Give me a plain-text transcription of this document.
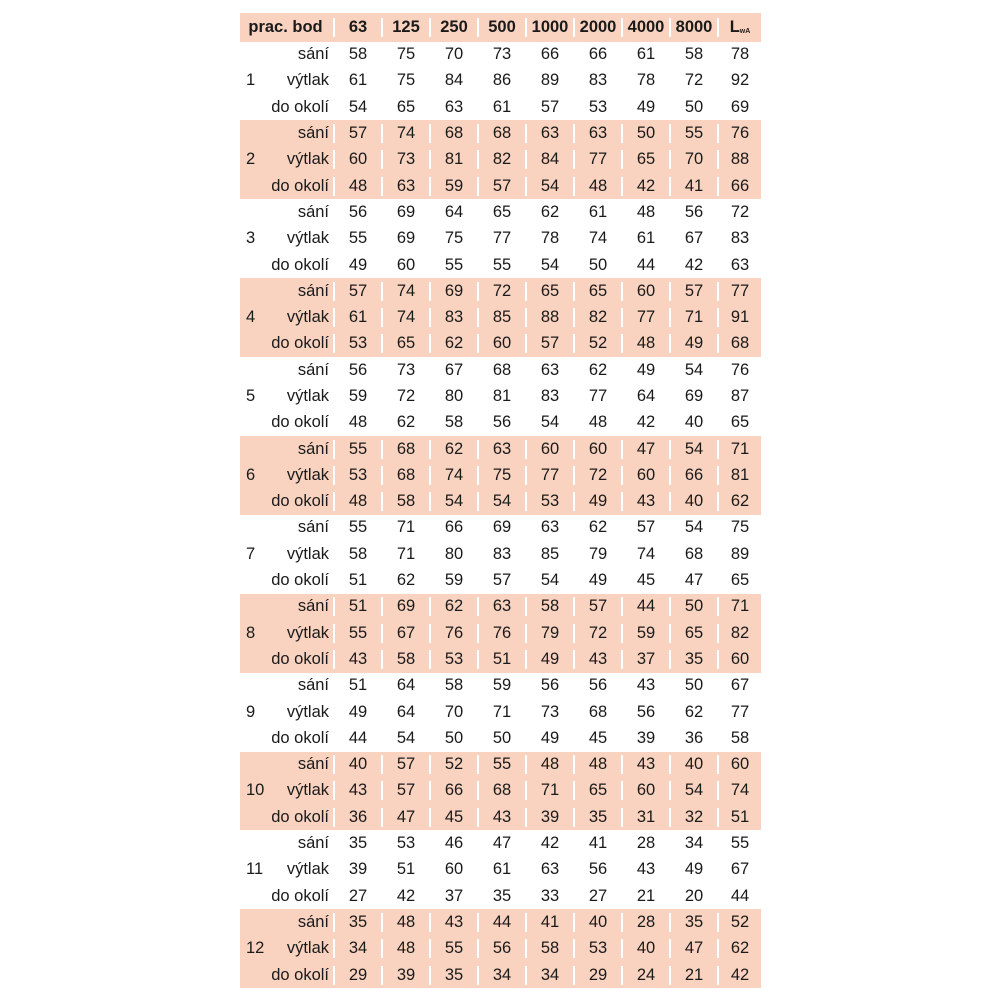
prac. bod	63	125	250	500 1000 2000 4000 8000	LwA
sání	58	75	70	73	66	66	61	58	78
1	výtlak	61	75	84	86	89	83	78	72	92
do okolí	54	65	63	61	57	53	49	50	69
sání	57	74	68	68	63	63	50	55	76
2	výtlak	60	73	81	82	84	77	65	70	88
do okolí	48	63	59	57	54	48	42	41	66
sání	56	69	64	65	62	61	48	56	72
3	výtlak	55	69	75	77	78	74	61	67	83
do okolí	49	60	55	55	54	50	44	42	63
sání	57	74	69	72	65	65	60	57	77
4	výtlak	61	74	83	85	88	82	77	71	91
do okolí	53	65	62	60	57	52	48	49	68
sání	56	73	67	68	63	62	49	54	76
5	výtlak	59	72	80	81	83	77	64	69	87
do okolí	48	62	58	56	54	48	42	40	65
sání	55	68	62	63	60	60	47	54	71
6	výtlak	53	68	74	75	77	72	60	66	81
do okolí	48	58	54	54	53	49	43	40	62
sání	55	71	66	69	63	62	57	54	75
7	výtlak	58	71	80	83	85	79	74	68	89
do okolí	51	62	59	57	54	49	45	47	65
sání	51	69	62	63	58	57	44	50	71
8	výtlak	55	67	76	76	79	72	59	65	82
do okolí	43	58	53	51	49	43	37	35	60
sání	51	64	58	59	56	56	43	50	67
9	výtlak	49	64	70	71	73	68	56	62	77
do okolí	44	54	50	50	49	45	39	36	58
sání	40	57	52	55	48	48	43	40	60
10	výtlak	43	57	66	68	71	65	60	54	74
do okolí	36	47	45	43	39	35	31	32	51
sání	35	53	46	47	42	41	28	34	55
11	výtlak	39	51	60	61	63	56	43	49	67
do okolí	27	42	37	35	33	27	21	20	44
sání	35	48	43	44	41	40	28	35	52
12	výtlak	34	48	55	56	58	53	40	47	62
do okolí	29	39	35	34	34	29	24	21	42
